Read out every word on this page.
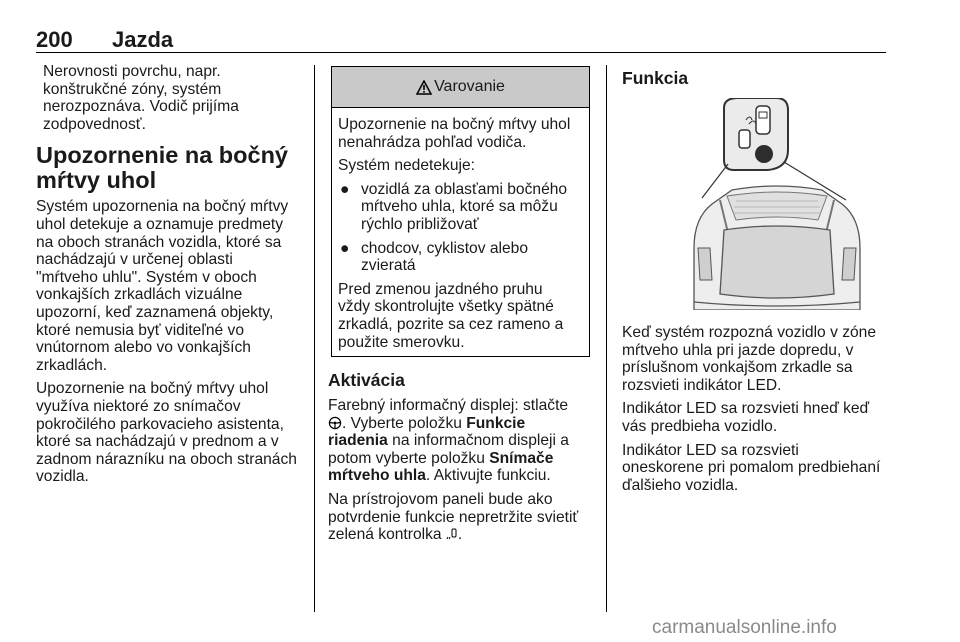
200 Jazda

Nerovnosti povrchu, napr.
konštrukčné zóny, systém
nerozpoznáva. Vodič prijíma
zodpovednosť.

Upozornenie na bočný
mŕtvy uhol

Systém upozornenia na bočný mŕtvy
uhol detekuje a oznamuje predmety
na oboch stranách vozidla, ktoré sa
nachádzajú v určenej oblasti
"mŕtveho uhlu". Systém v oboch
vonkajších zrkadlách vizuálne
upozorní, keď zaznamená objekty,
ktoré nemusia byť viditeľné vo
vnútornom alebo vo vonkajších
zrkadlách.

Upozornenie na bočný mŕtvy uhol
využíva niektoré zo snímačov
pokročilého parkovacieho asistenta,
ktoré sa nachádzajú v prednom a v
zadnom nárazníku na oboch stranách
vozidla.

Varovanie

Upozornenie na bočný mŕtvy uhol
nenahrádza pohľad vodiča.

Systém nedetekuje:

● vozidlá za oblasťami bočného
mŕtveho uhla, ktoré sa môžu
rýchlo približovať
● chodcov, cyklistov alebo
zvieratá

Pred zmenou jazdného pruhu
vždy skontrolujte všetky spätné
zrkadlá, pozrite sa cez rameno a
použite smerovku.

Aktivácia

Farebný informačný displej: stlačte
. Vyberte položku Funkcie
riadenia na informačnom displeji a
potom vyberte položku Snímače
mŕtveho uhla. Aktivujte funkciu.

Na prístrojovom paneli bude ako
potvrdenie funkcie nepretržite svietiť
zelená kontrolka .

Funkcia

Keď systém rozpozná vozidlo v zóne
mŕtveho uhla pri jazde dopredu, v
príslušnom vonkajšom zrkadle sa
rozsvieti indikátor LED.

Indikátor LED sa rozsvieti hneď keď
vás predbieha vozidlo.

Indikátor LED sa rozsvieti
oneskorene pri pomalom predbiehaní
ďalšieho vozidla.

carmanualsonline.info
